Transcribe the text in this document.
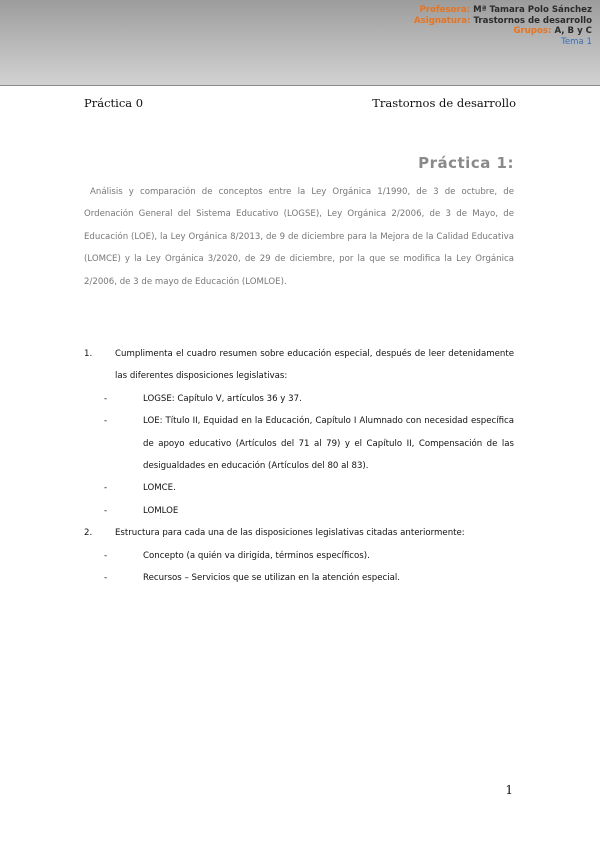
Profesora: Mª Tamara Polo Sánchez
Asignatura: Trastornos de desarrollo
Grupos: A, B y C
Tema 1
Práctica 0	Trastornos de desarrollo
Práctica 1:
Análisis y comparación de conceptos entre la Ley Orgánica 1/1990, de 3 de octubre, de Ordenación General del Sistema Educativo (LOGSE), Ley Orgánica 2/2006, de 3 de Mayo, de Educación (LOE), la Ley Orgánica 8/2013, de 9 de diciembre para la Mejora de la Calidad Educativa (LOMCE) y la Ley Orgánica 3/2020, de 29 de diciembre, por la que se modifica la Ley Orgánica 2/2006, de 3 de mayo de Educación (LOMLOE).
1.	Cumplimenta el cuadro resumen sobre educación especial, después de leer detenidamente las diferentes disposiciones legislativas:
-	LOGSE: Capítulo V, artículos 36 y 37.
-	LOE: Título II, Equidad en la Educación, Capítulo I Alumnado con necesidad específica de apoyo educativo (Artículos del 71 al 79) y el Capítulo II, Compensación de las desigualdades en educación (Artículos del 80 al 83).
-	LOMCE.
-	LOMLOE
2.	Estructura para cada una de las disposiciones legislativas citadas anteriormente:
-	Concepto (a quién va dirigida, términos específicos).
-	Recursos – Servicios que se utilizan en la atención especial.
1
